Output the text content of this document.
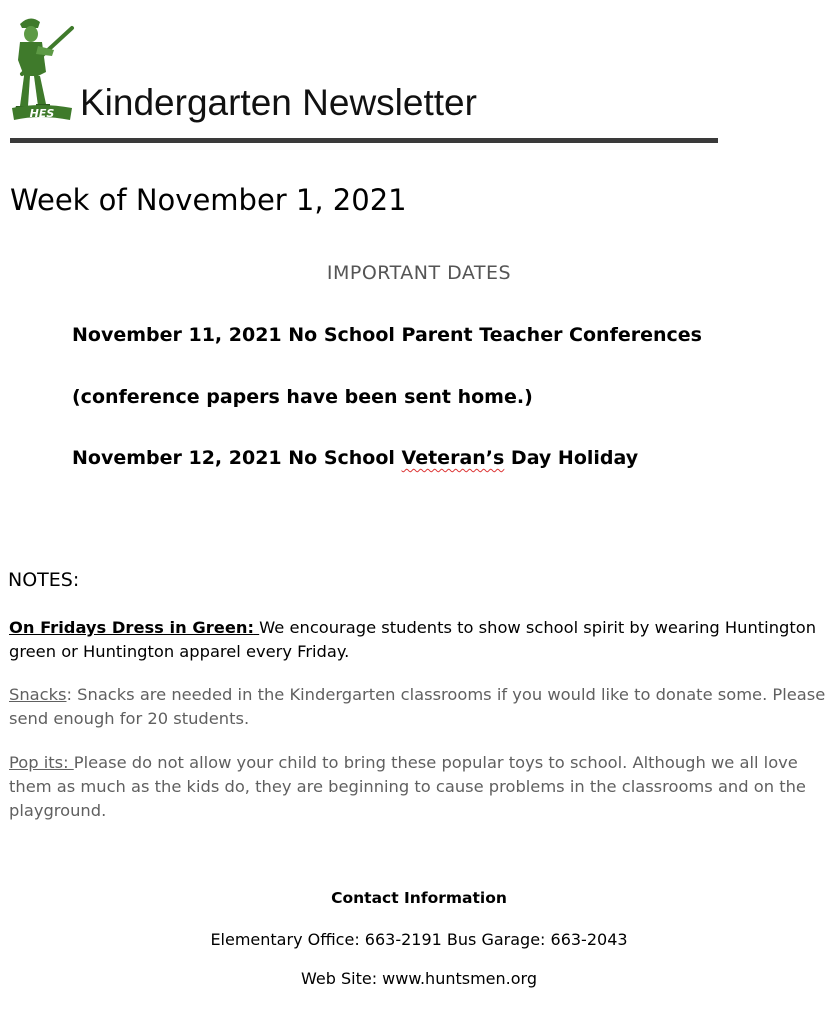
HES Kindergarten Newsletter
Week of November 1, 2021
IMPORTANT DATES
November 11, 2021 No School Parent Teacher Conferences
(conference papers have been sent home.)
November 12, 2021 No School Veteran’s Day Holiday
NOTES:
On Fridays Dress in Green: We encourage students to show school spirit by wearing Huntington green or Huntington apparel every Friday.
Snacks: Snacks are needed in the Kindergarten classrooms if you would like to donate some. Please send enough for 20 students.
Pop its: Please do not allow your child to bring these popular toys to school. Although we all love them as much as the kids do, they are beginning to cause problems in the classrooms and on the playground.
Contact Information
Elementary Office: 663-2191 Bus Garage: 663-2043
Web Site: www.huntsmen.org
